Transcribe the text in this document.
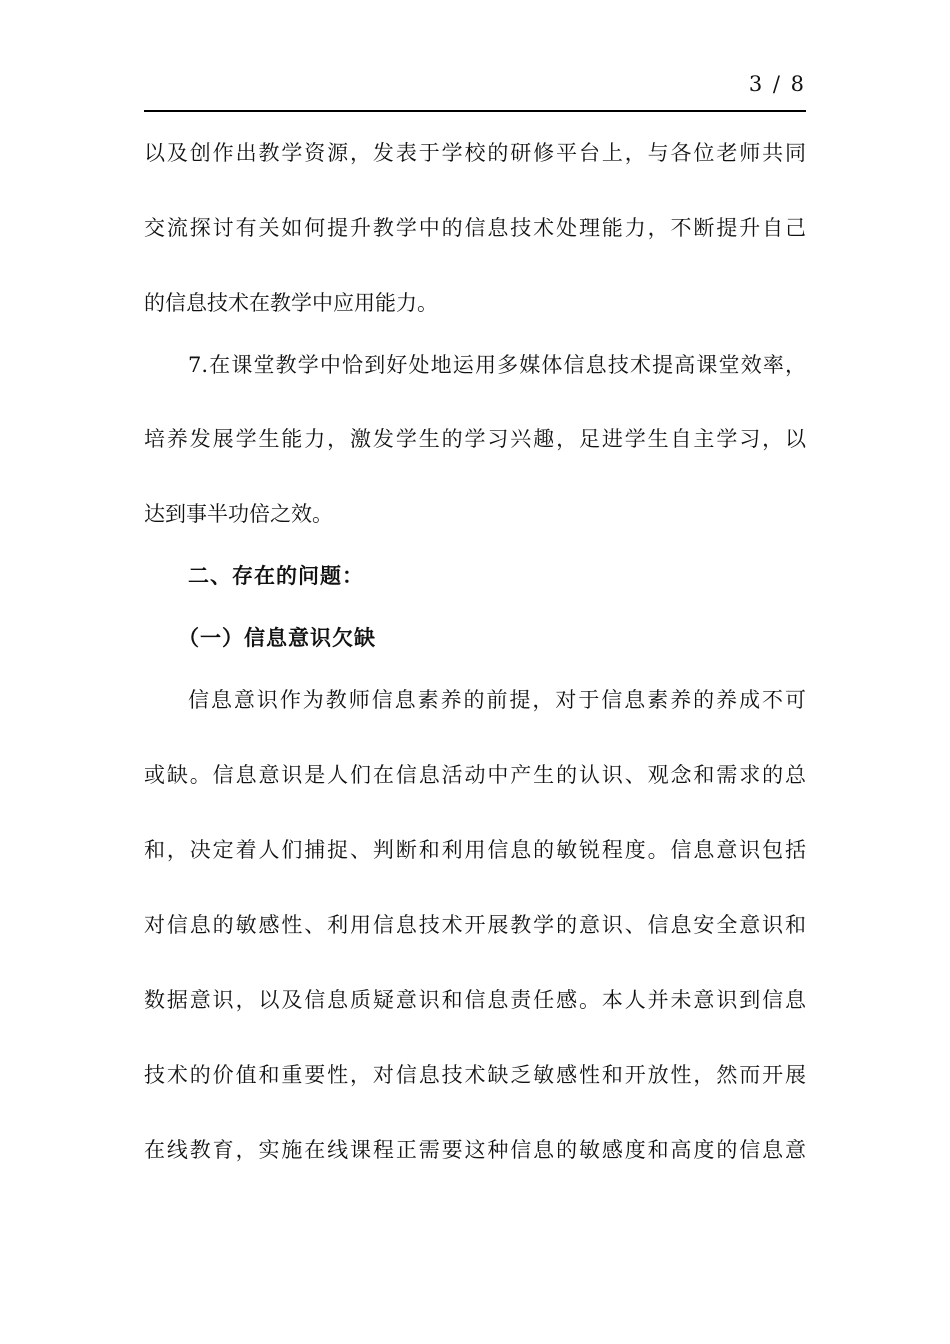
3 / 8
以及创作出教学资源，发表于学校的研修平台上，与各位老师共同
交流探讨有关如何提升教学中的信息技术处理能力，不断提升自己
的信息技术在教学中应用能力。
7.在课堂教学中恰到好处地运用多媒体信息技术提高课堂效率，
培养发展学生能力，激发学生的学习兴趣，足进学生自主学习，以
达到事半功倍之效。
二、存在的问题：
（一）信息意识欠缺
信息意识作为教师信息素养的前提，对于信息素养的养成不可
或缺。信息意识是人们在信息活动中产生的认识、观念和需求的总
和，决定着人们捕捉、判断和利用信息的敏锐程度。信息意识包括
对信息的敏感性、利用信息技术开展教学的意识、信息安全意识和
数据意识，以及信息质疑意识和信息责任感。本人并未意识到信息
技术的价值和重要性，对信息技术缺乏敏感性和开放性，然而开展
在线教育，实施在线课程正需要这种信息的敏感度和高度的信息意
